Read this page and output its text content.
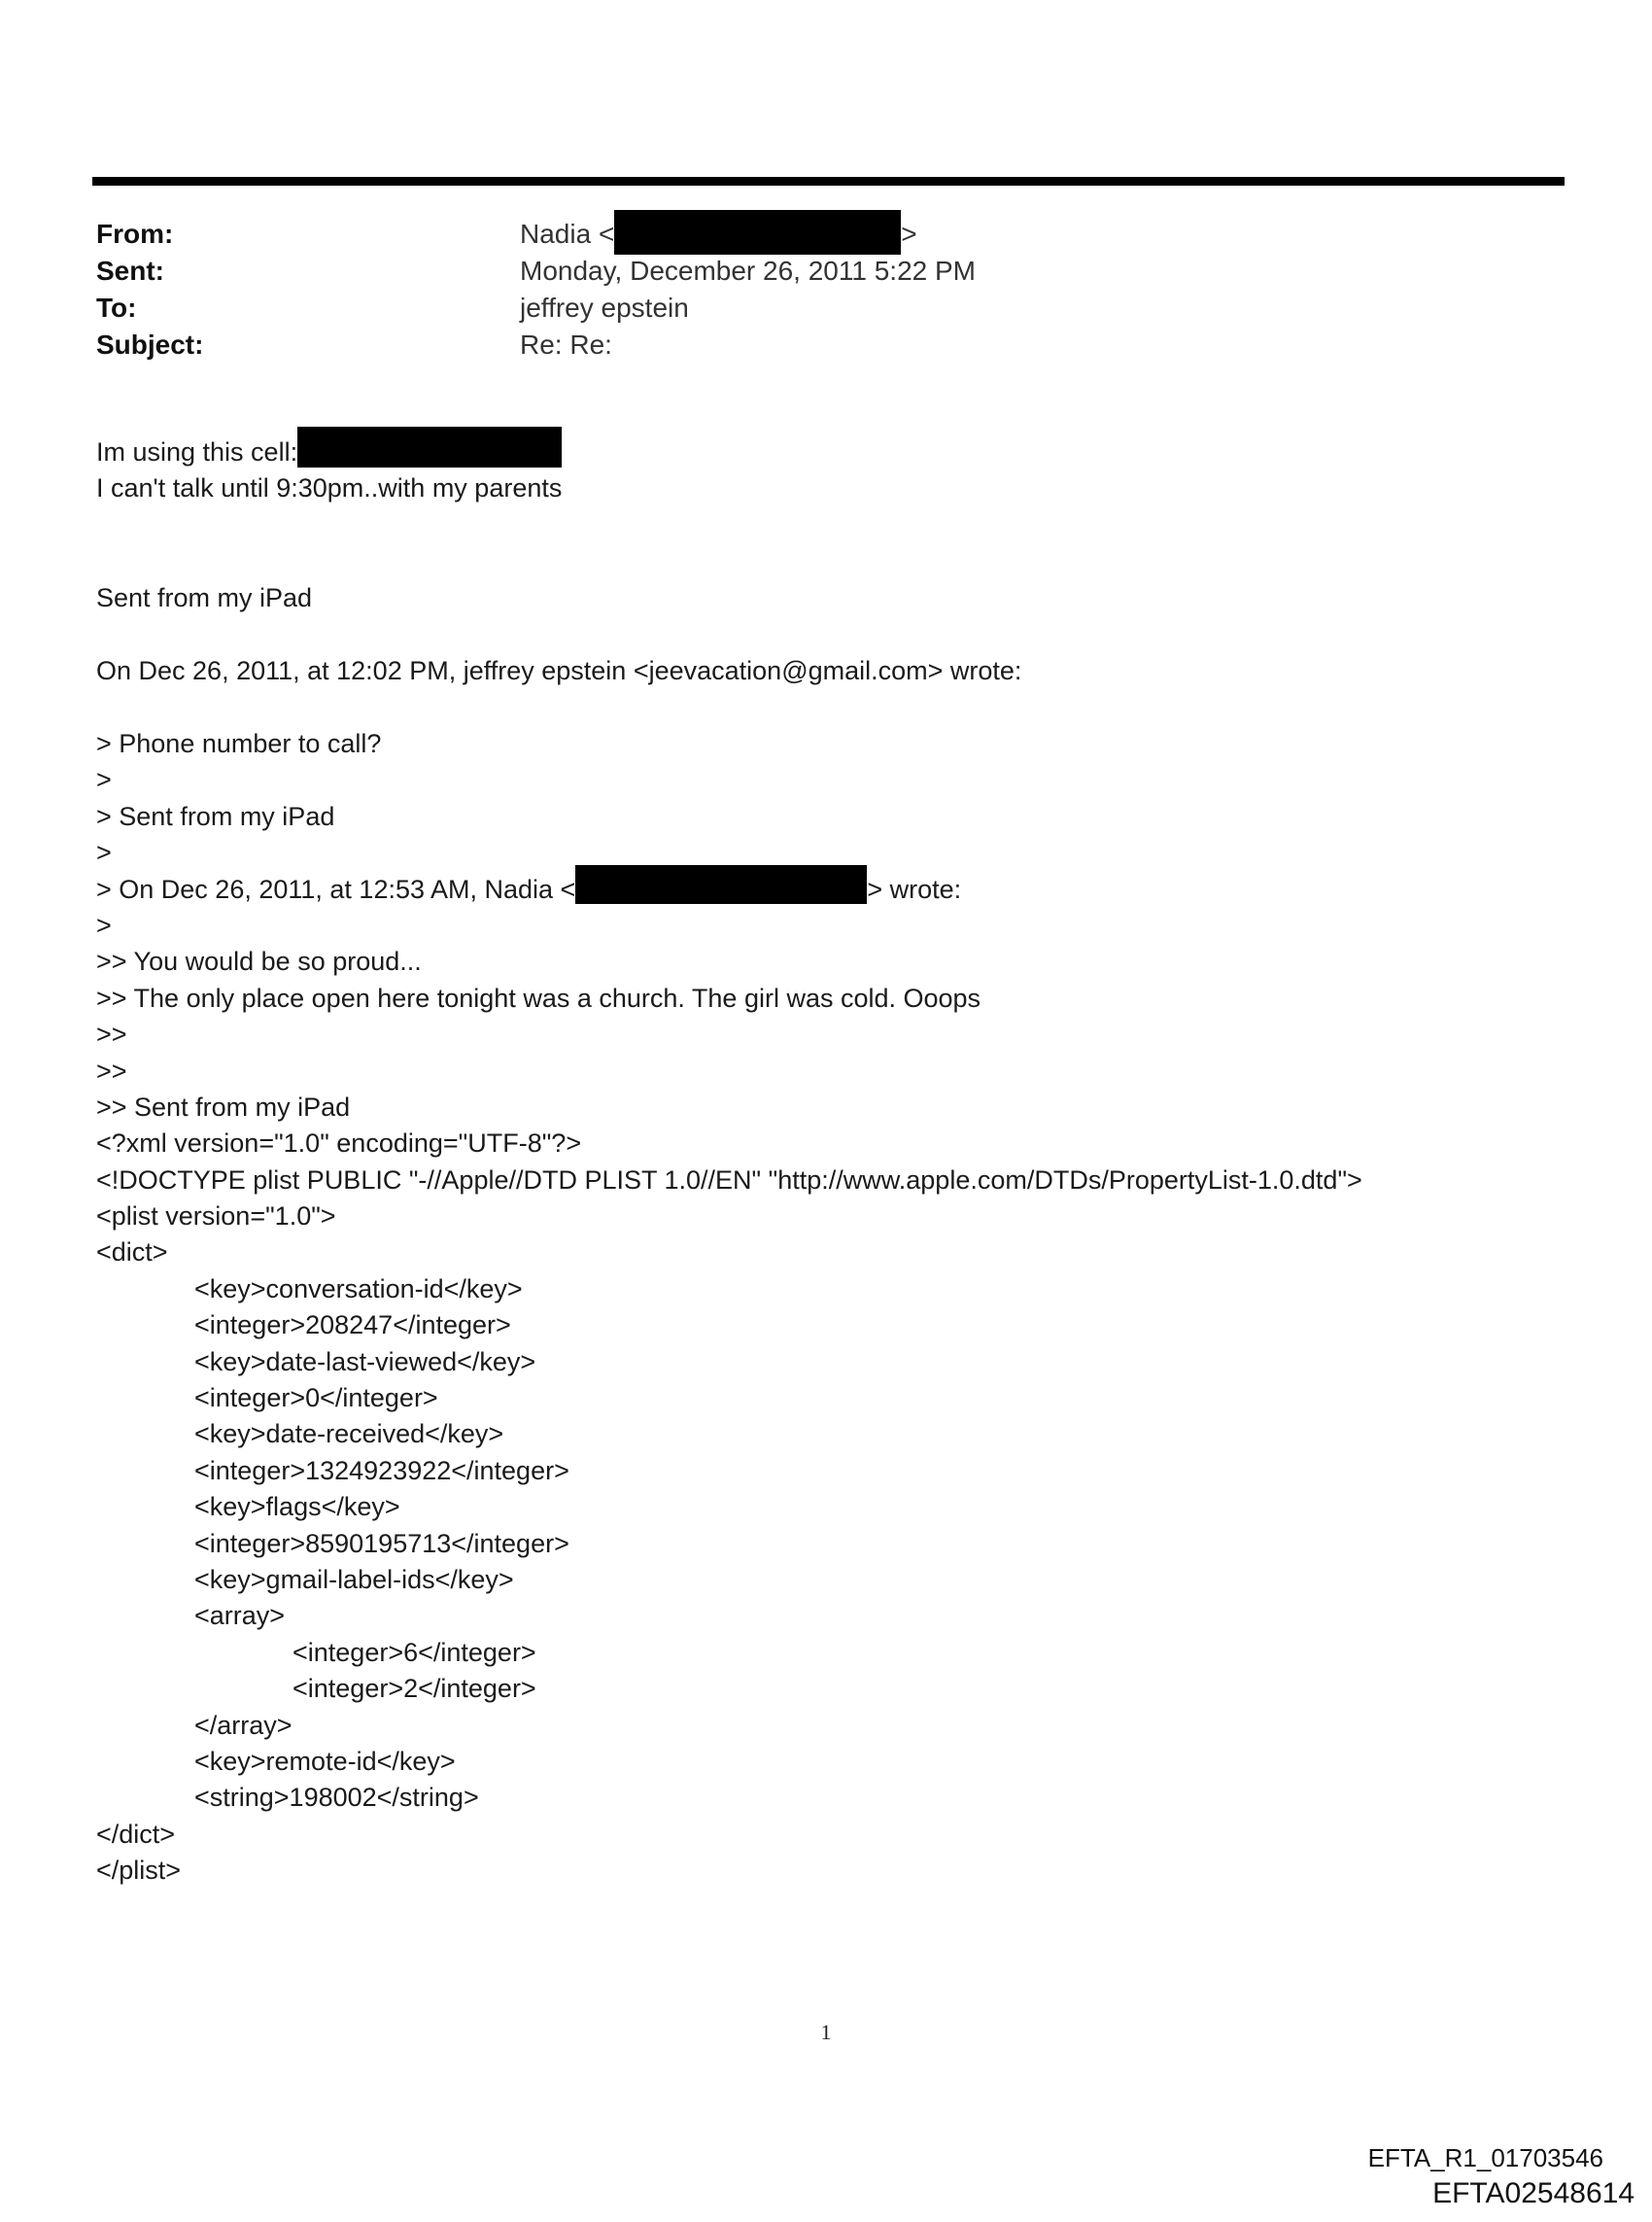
From:	Nadia <	>
Sent:	Monday, December 26, 2011 5:22 PM
To:	jeffrey epstein
Subject:	Re: Re:
Im using this cell:
I can't talk until 9:30pm..with my parents
Sent from my iPad
On Dec 26, 2011, at 12:02 PM, jeffrey epstein <jeevacation@gmail.com> wrote:
> Phone number to call?
>
> Sent from my iPad
>
> On Dec 26, 2011, at 12:53 AM, Nadia <	> wrote:
>
>> You would be so proud...
>> The only place open here tonight was a church. The girl was cold. Ooops
>>
>>
>> Sent from my iPad
<?xml version="1.0" encoding="UTF-8"?>
<!DOCTYPE plist PUBLIC "-//Apple//DTD PLIST 1.0//EN" "http://www.apple.com/DTDs/PropertyList-1.0.dtd">
<plist version="1.0">
<dict>
<key>conversation-id</key>
<integer>208247</integer>
<key>date-last-viewed</key>
<integer>0</integer>
<key>date-received</key>
<integer>1324923922</integer>
<key>flags</key>
<integer>8590195713</integer>
<key>gmail-label-ids</key>
<array>
<integer>6</integer>
<integer>2</integer>
</array>
<key>remote-id</key>
<string>198002</string>
</dict>
</plist>
1
EFTA_R1_01703546
EFTA02548614
